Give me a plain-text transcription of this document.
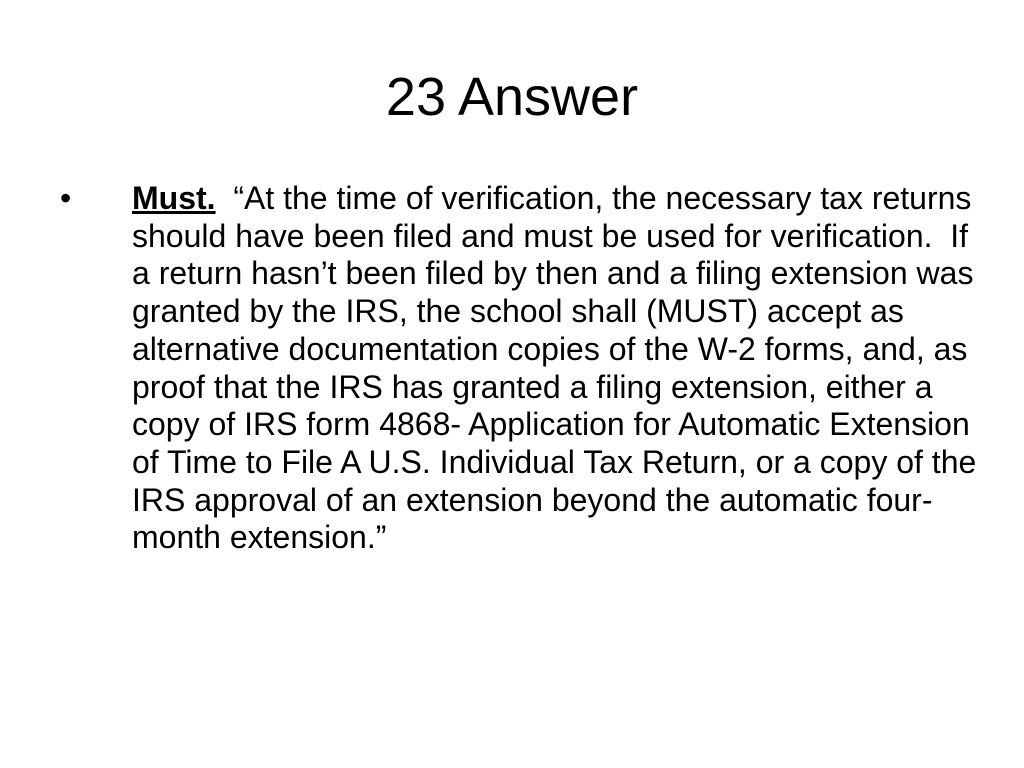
23 Answer
• Must.  “At the time of verification, the necessary tax returns should have been filed and must be used for verification.  If a return hasn’t been filed by then and a filing extension was granted by the IRS, the school shall (MUST) accept as alternative documentation copies of the W-2 forms, and, as proof that the IRS has granted a filing extension, either a copy of IRS form 4868- Application for Automatic Extension of Time to File A U.S. Individual Tax Return, or a copy of the IRS approval of an extension beyond the automatic four-month extension.”
